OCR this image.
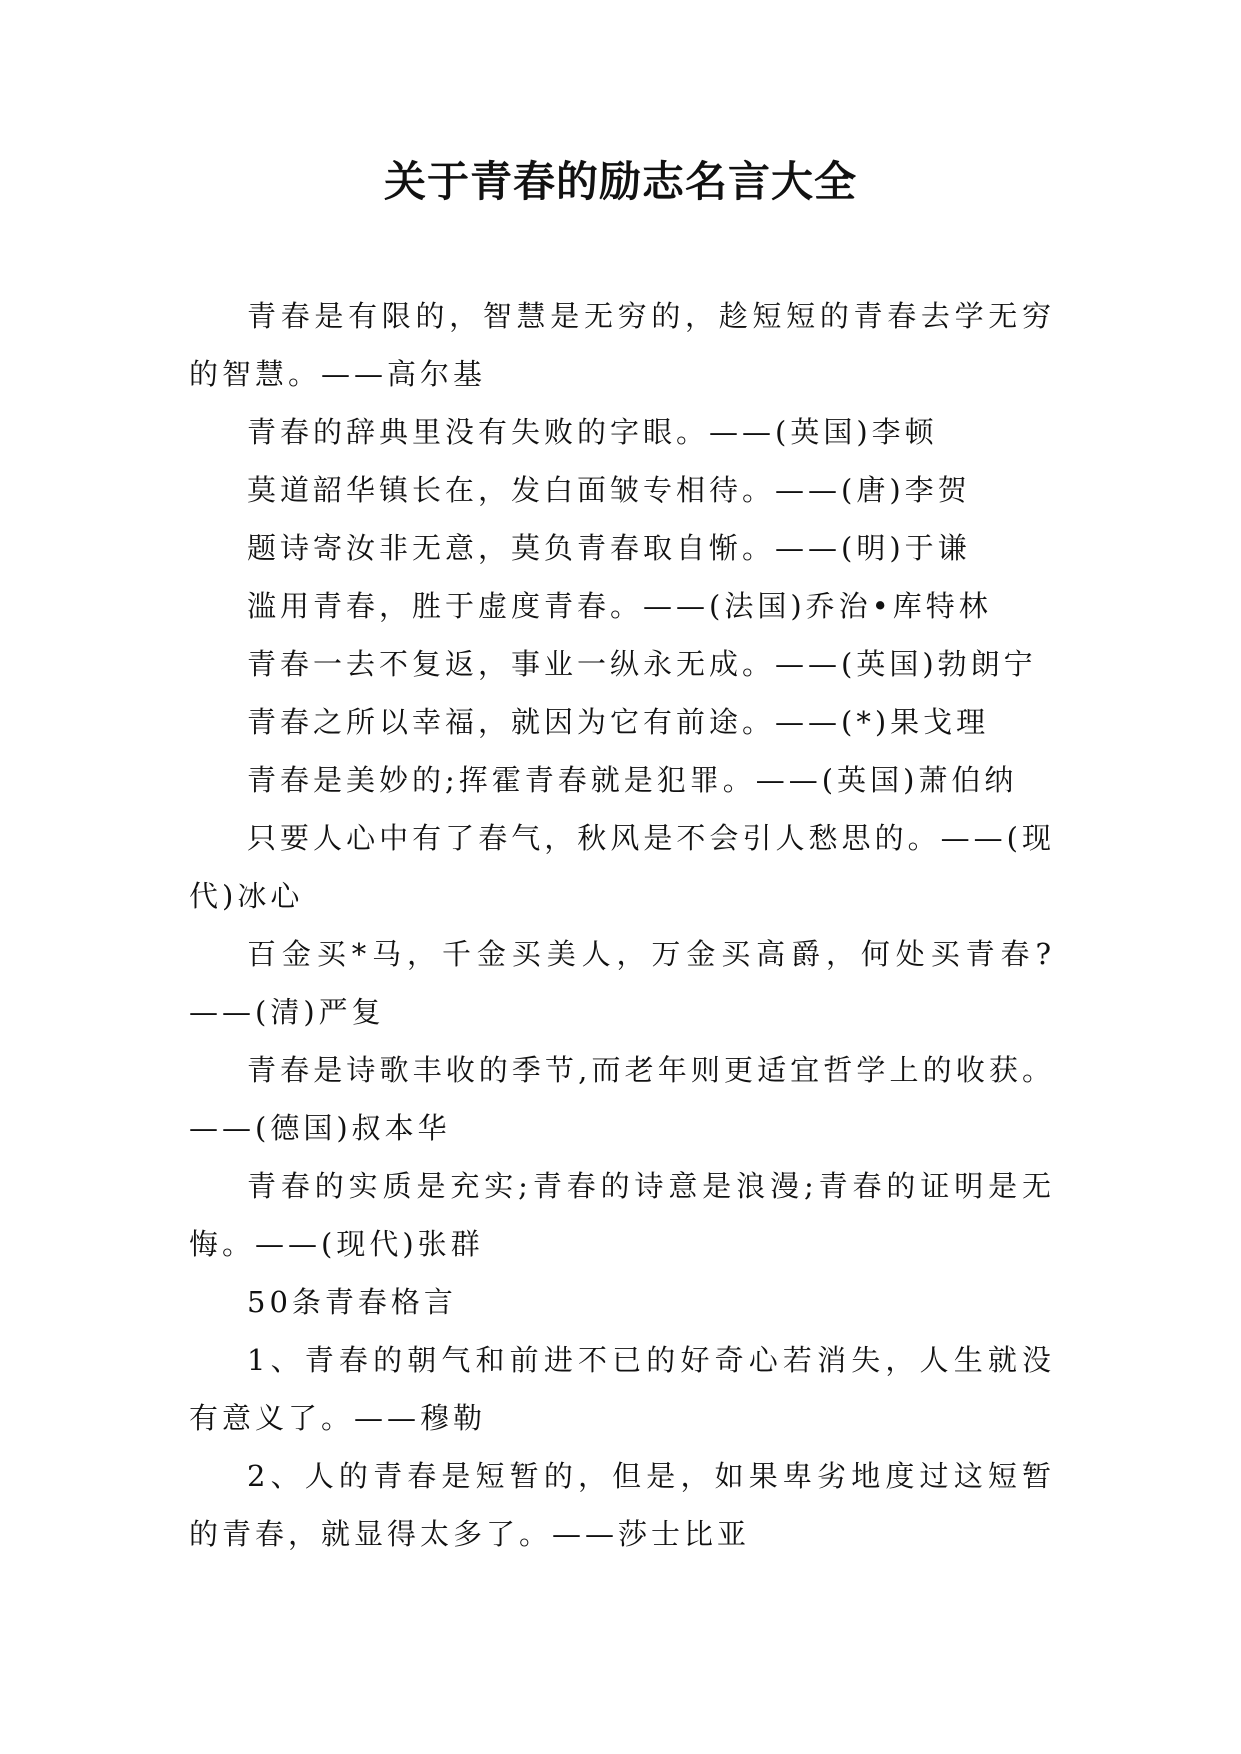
关于青春的励志名言大全

青春是有限的，智慧是无穷的，趁短短的青春去学无穷的智慧。——高尔基

青春的辞典里没有失败的字眼。——(英国)李顿

莫道韶华镇长在，发白面皱专相待。——(唐)李贺

题诗寄汝非无意，莫负青春取自惭。——(明)于谦

滥用青春，胜于虚度青春。——(法国)乔治•库特林

青春一去不复返，事业一纵永无成。——(英国)勃朗宁

青春之所以幸福，就因为它有前途。——(*)果戈理

青春是美妙的;挥霍青春就是犯罪。——(英国)萧伯纳

只要人心中有了春气，秋风是不会引人愁思的。——(现代)冰心

百金买*马，千金买美人，万金买高爵，何处买青春?——(清)严复

青春是诗歌丰收的季节,而老年则更适宜哲学上的收获。——(德国)叔本华

青春的实质是充实;青春的诗意是浪漫;青春的证明是无悔。——(现代)张群

50条青春格言

1、青春的朝气和前进不已的好奇心若消失，人生就没有意义了。——穆勒

2、人的青春是短暂的，但是，如果卑劣地度过这短暂的青春，就显得太多了。——莎士比亚
